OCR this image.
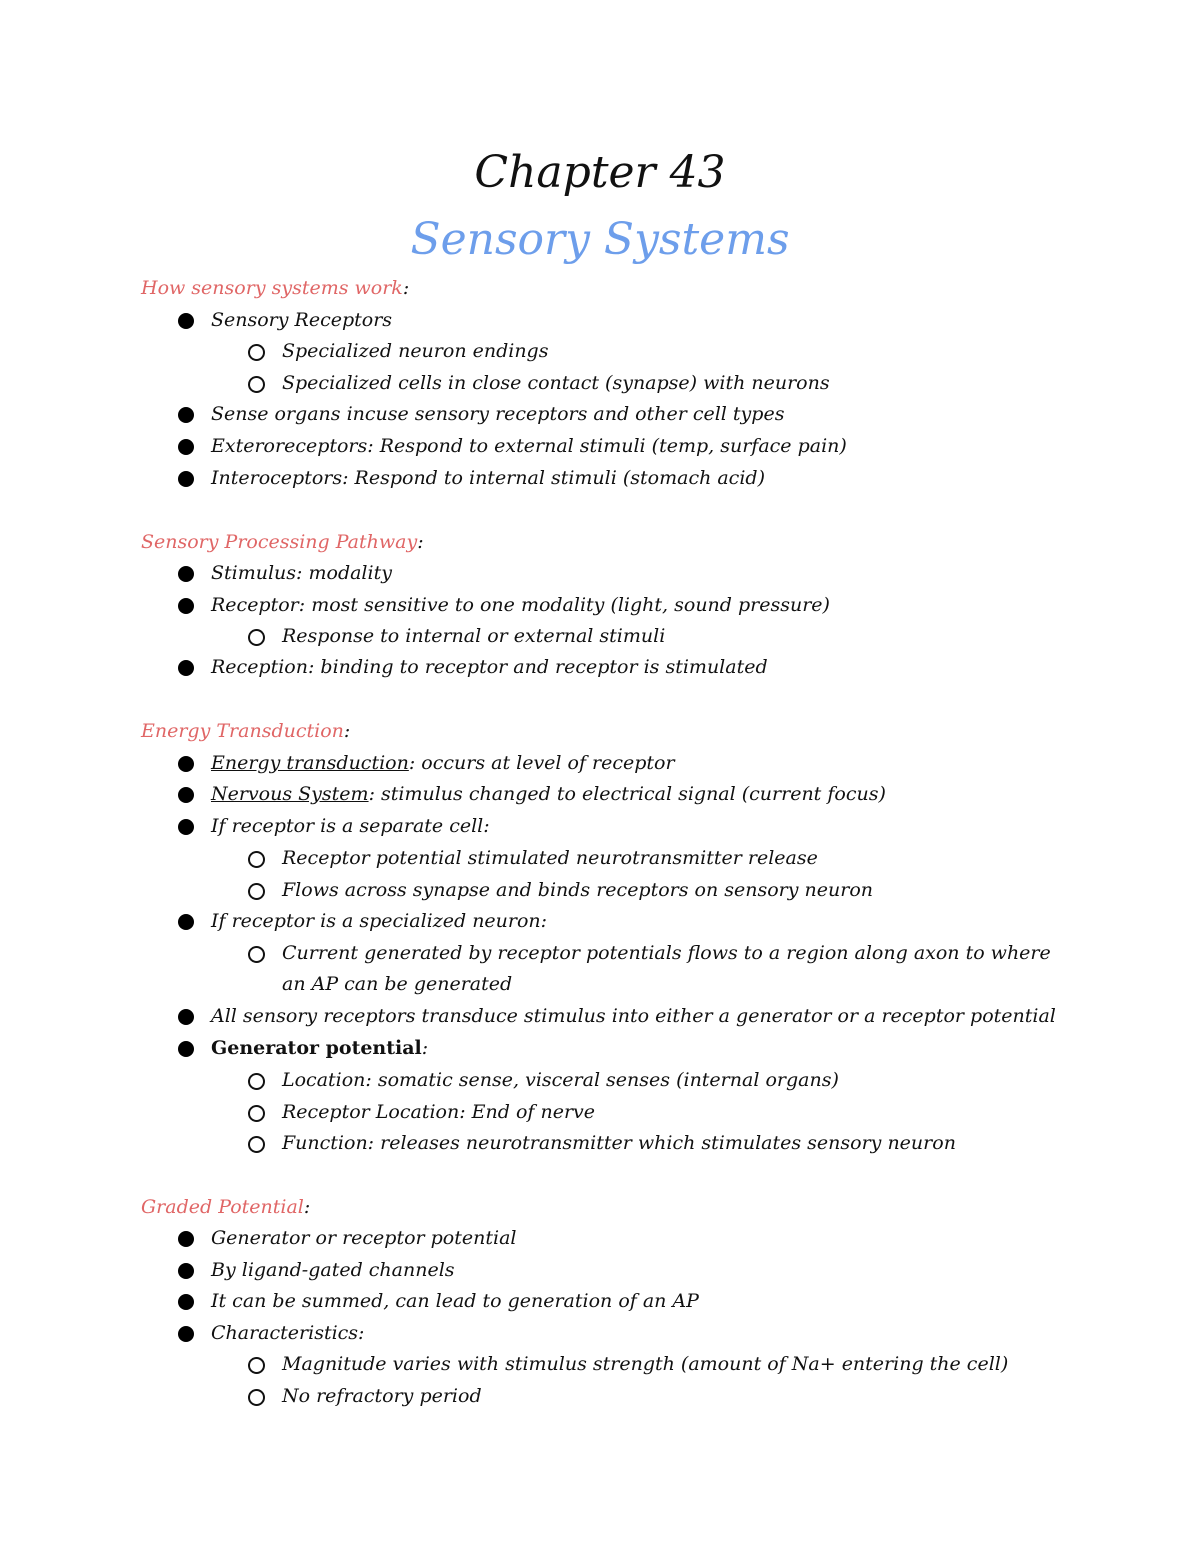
Chapter 43
Sensory Systems
How sensory systems work:
Sensory Receptors
Specialized neuron endings
Specialized cells in close contact (synapse) with neurons
Sense organs incuse sensory receptors and other cell types
Exteroreceptors: Respond to external stimuli (temp, surface pain)
Interoceptors: Respond to internal stimuli (stomach acid)
Sensory Processing Pathway:
Stimulus: modality
Receptor: most sensitive to one modality (light, sound pressure)
Response to internal or external stimuli
Reception: binding to receptor and receptor is stimulated
Energy Transduction:
Energy transduction: occurs at level of receptor
Nervous System: stimulus changed to electrical signal (current focus)
If receptor is a separate cell:
Receptor potential stimulated neurotransmitter release
Flows across synapse and binds receptors on sensory neuron
If receptor is a specialized neuron:
Current generated by receptor potentials flows to a region along axon to where an AP can be generated
All sensory receptors transduce stimulus into either a generator or a receptor potential
Generator potential:
Location: somatic sense, visceral senses (internal organs)
Receptor Location: End of nerve
Function: releases neurotransmitter which stimulates sensory neuron
Graded Potential:
Generator or receptor potential
By ligand-gated channels
It can be summed, can lead to generation of an AP
Characteristics:
Magnitude varies with stimulus strength (amount of Na+ entering the cell)
No refractory period
